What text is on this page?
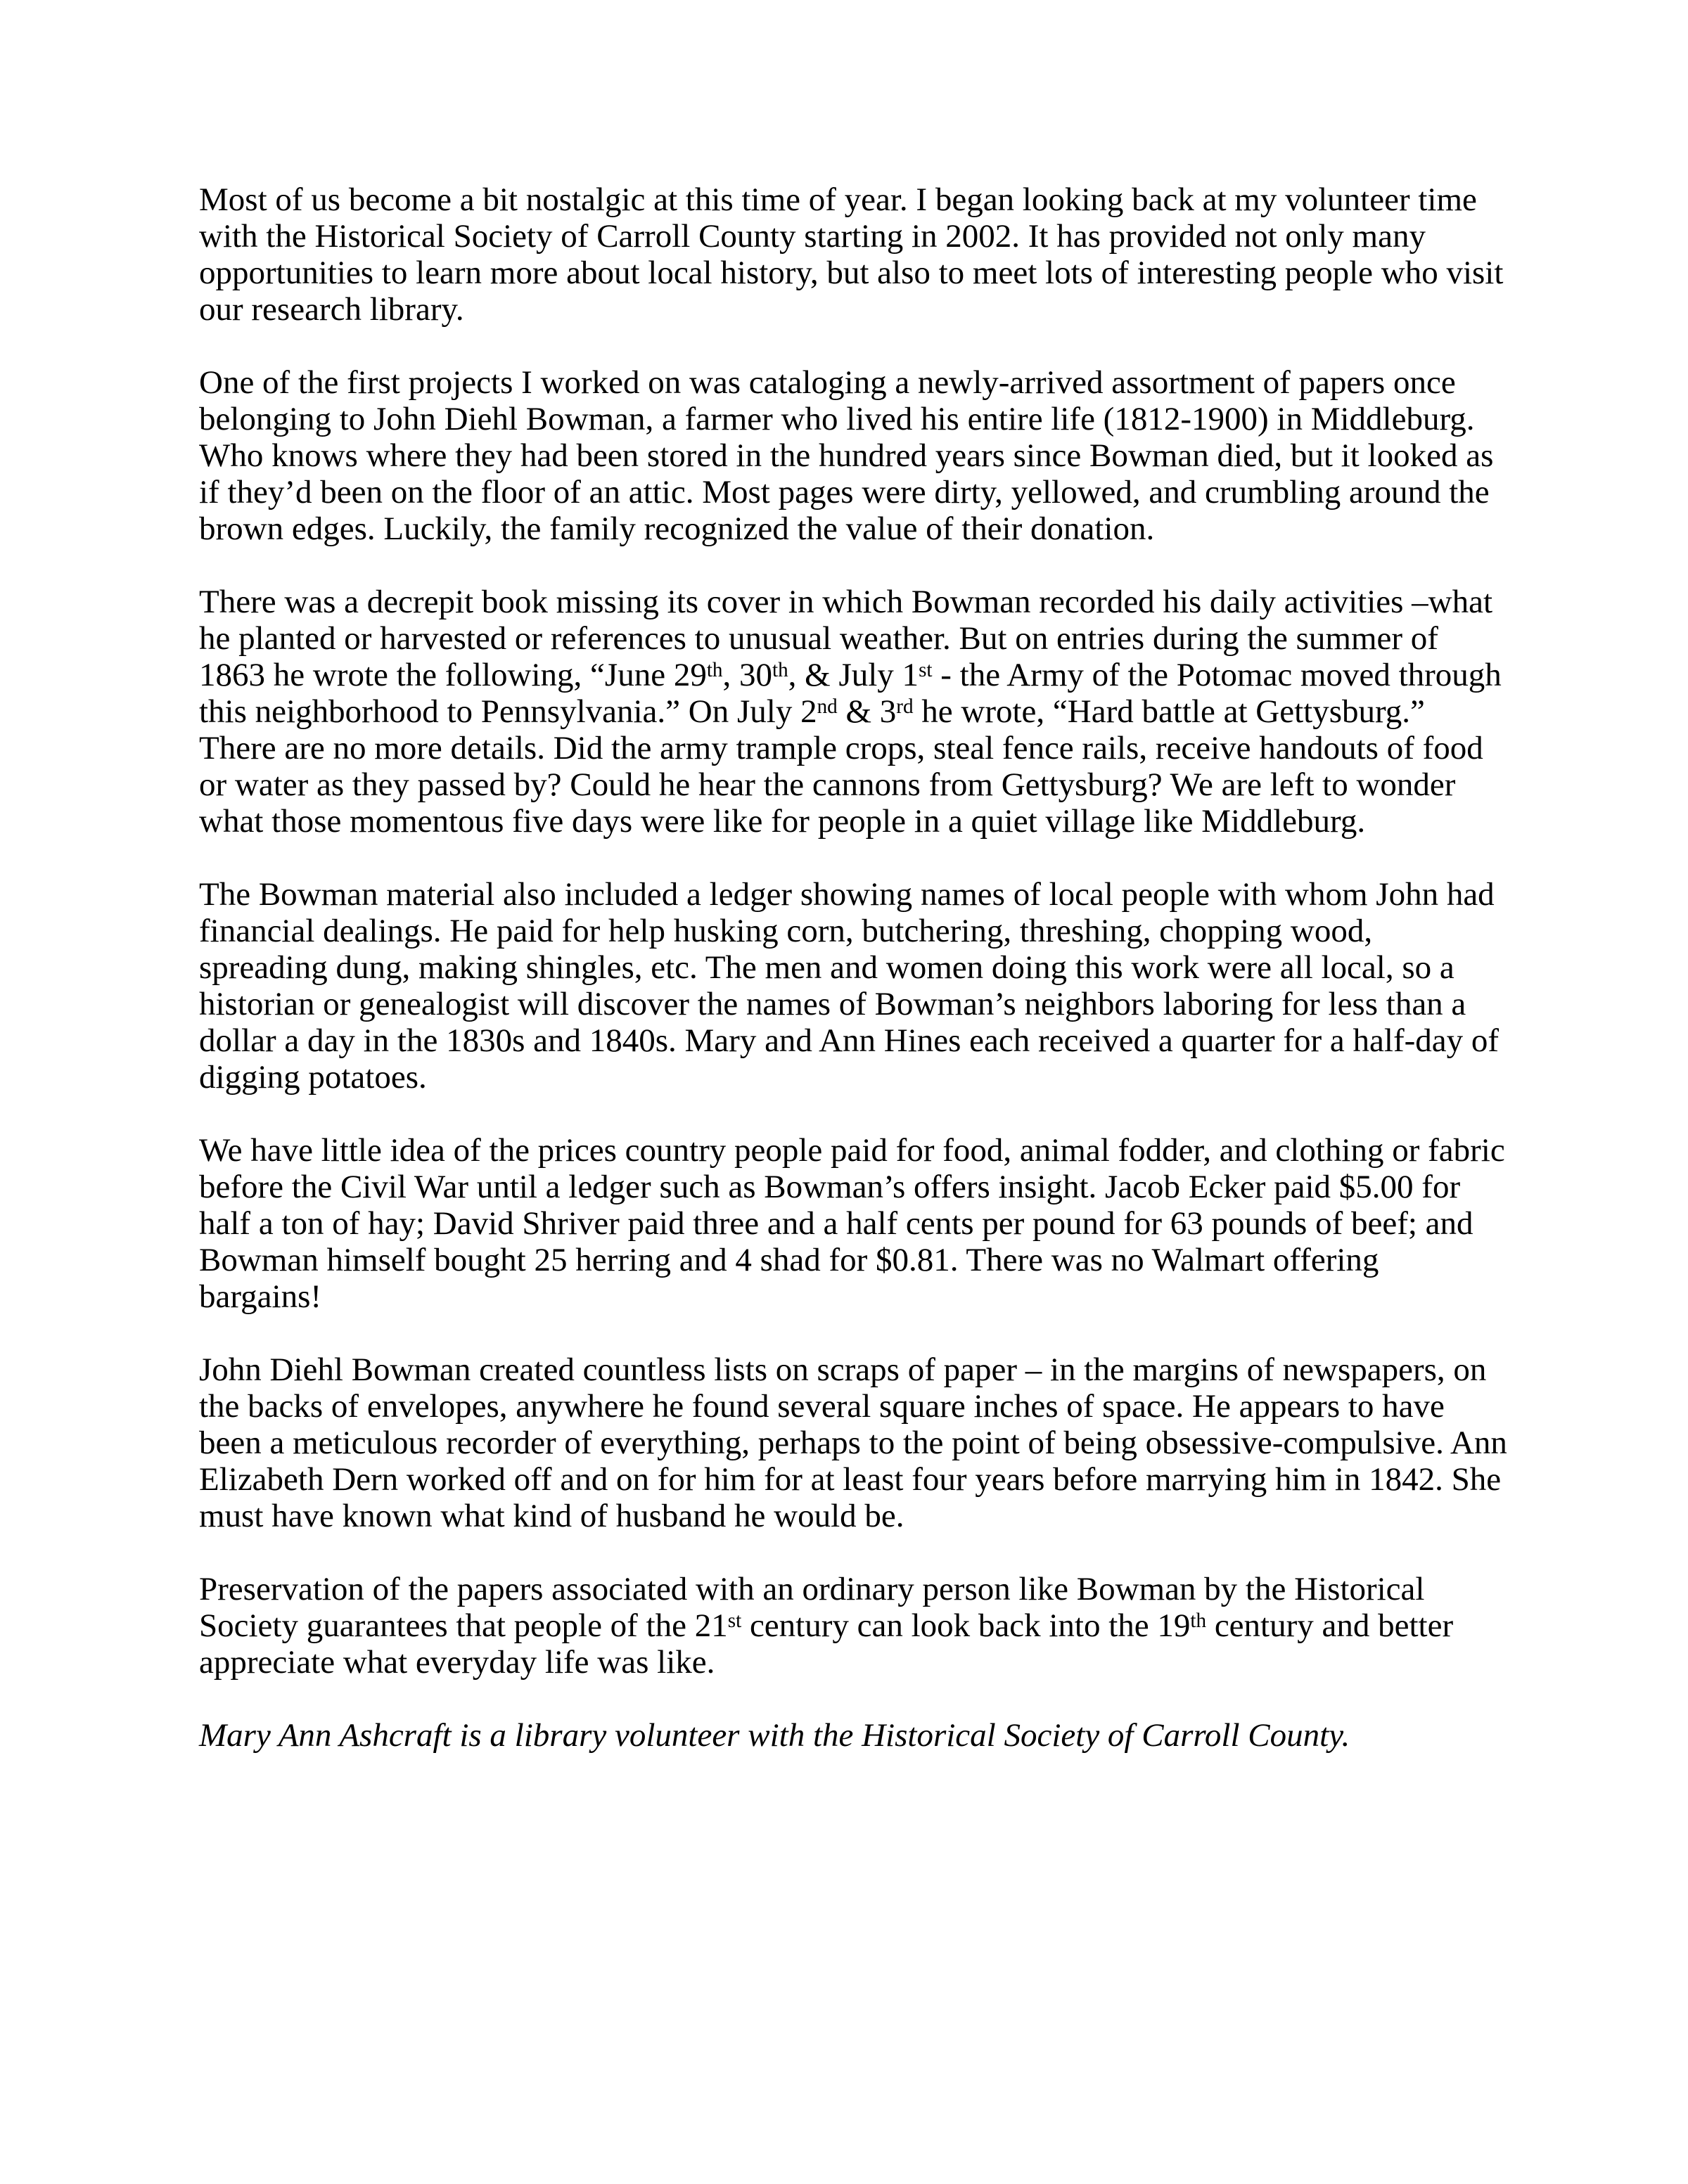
Most of us become a bit nostalgic at this time of year. I began looking back at my volunteer time with the Historical Society of Carroll County starting in 2002. It has provided not only many opportunities to learn more about local history, but also to meet lots of interesting people who visit our research library.

One of the first projects I worked on was cataloging a newly-arrived assortment of papers once belonging to John Diehl Bowman, a farmer who lived his entire life (1812-1900) in Middleburg. Who knows where they had been stored in the hundred years since Bowman died, but it looked as if they’d been on the floor of an attic. Most pages were dirty, yellowed, and crumbling around the brown edges. Luckily, the family recognized the value of their donation.

There was a decrepit book missing its cover in which Bowman recorded his daily activities –what he planted or harvested or references to unusual weather. But on entries during the summer of 1863 he wrote the following, “June 29th, 30th, & July 1st - the Army of the Potomac moved through this neighborhood to Pennsylvania.” On July 2nd & 3rd he wrote, “Hard battle at Gettysburg.” There are no more details. Did the army trample crops, steal fence rails, receive handouts of food or water as they passed by? Could he hear the cannons from Gettysburg? We are left to wonder what those momentous five days were like for people in a quiet village like Middleburg.

The Bowman material also included a ledger showing names of local people with whom John had financial dealings. He paid for help husking corn, butchering, threshing, chopping wood, spreading dung, making shingles, etc. The men and women doing this work were all local, so a historian or genealogist will discover the names of Bowman’s neighbors laboring for less than a dollar a day in the 1830s and 1840s. Mary and Ann Hines each received a quarter for a half-day of digging potatoes.

We have little idea of the prices country people paid for food, animal fodder, and clothing or fabric before the Civil War until a ledger such as Bowman’s offers insight. Jacob Ecker paid $5.00 for half a ton of hay; David Shriver paid three and a half cents per pound for 63 pounds of beef; and Bowman himself bought 25 herring and 4 shad for $0.81. There was no Walmart offering bargains!

John Diehl Bowman created countless lists on scraps of paper – in the margins of newspapers, on the backs of envelopes, anywhere he found several square inches of space. He appears to have been a meticulous recorder of everything, perhaps to the point of being obsessive-compulsive. Ann Elizabeth Dern worked off and on for him for at least four years before marrying him in 1842. She must have known what kind of husband he would be.

Preservation of the papers associated with an ordinary person like Bowman by the Historical Society guarantees that people of the 21st century can look back into the 19th century and better appreciate what everyday life was like.

Mary Ann Ashcraft is a library volunteer with the Historical Society of Carroll County.
